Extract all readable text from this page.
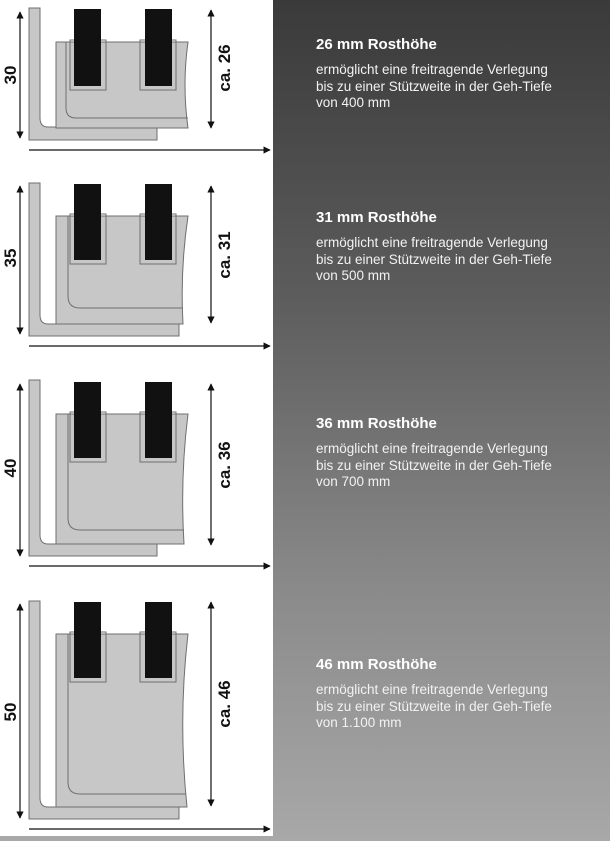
30	ca. 26
35	ca. 31
40	ca. 36
50	ca. 46
26 mm Rosthöhe

ermöglicht eine freitragende Verlegung
bis zu einer Stützweite in der Geh-Tiefe
von 400 mm

31 mm Rosthöhe

ermöglicht eine freitragende Verlegung
bis zu einer Stützweite in der Geh-Tiefe
von 500 mm

36 mm Rosthöhe

ermöglicht eine freitragende Verlegung
bis zu einer Stützweite in der Geh-Tiefe
von 700 mm

46 mm Rosthöhe

ermöglicht eine freitragende Verlegung
bis zu einer Stützweite in der Geh-Tiefe
von 1.100 mm
